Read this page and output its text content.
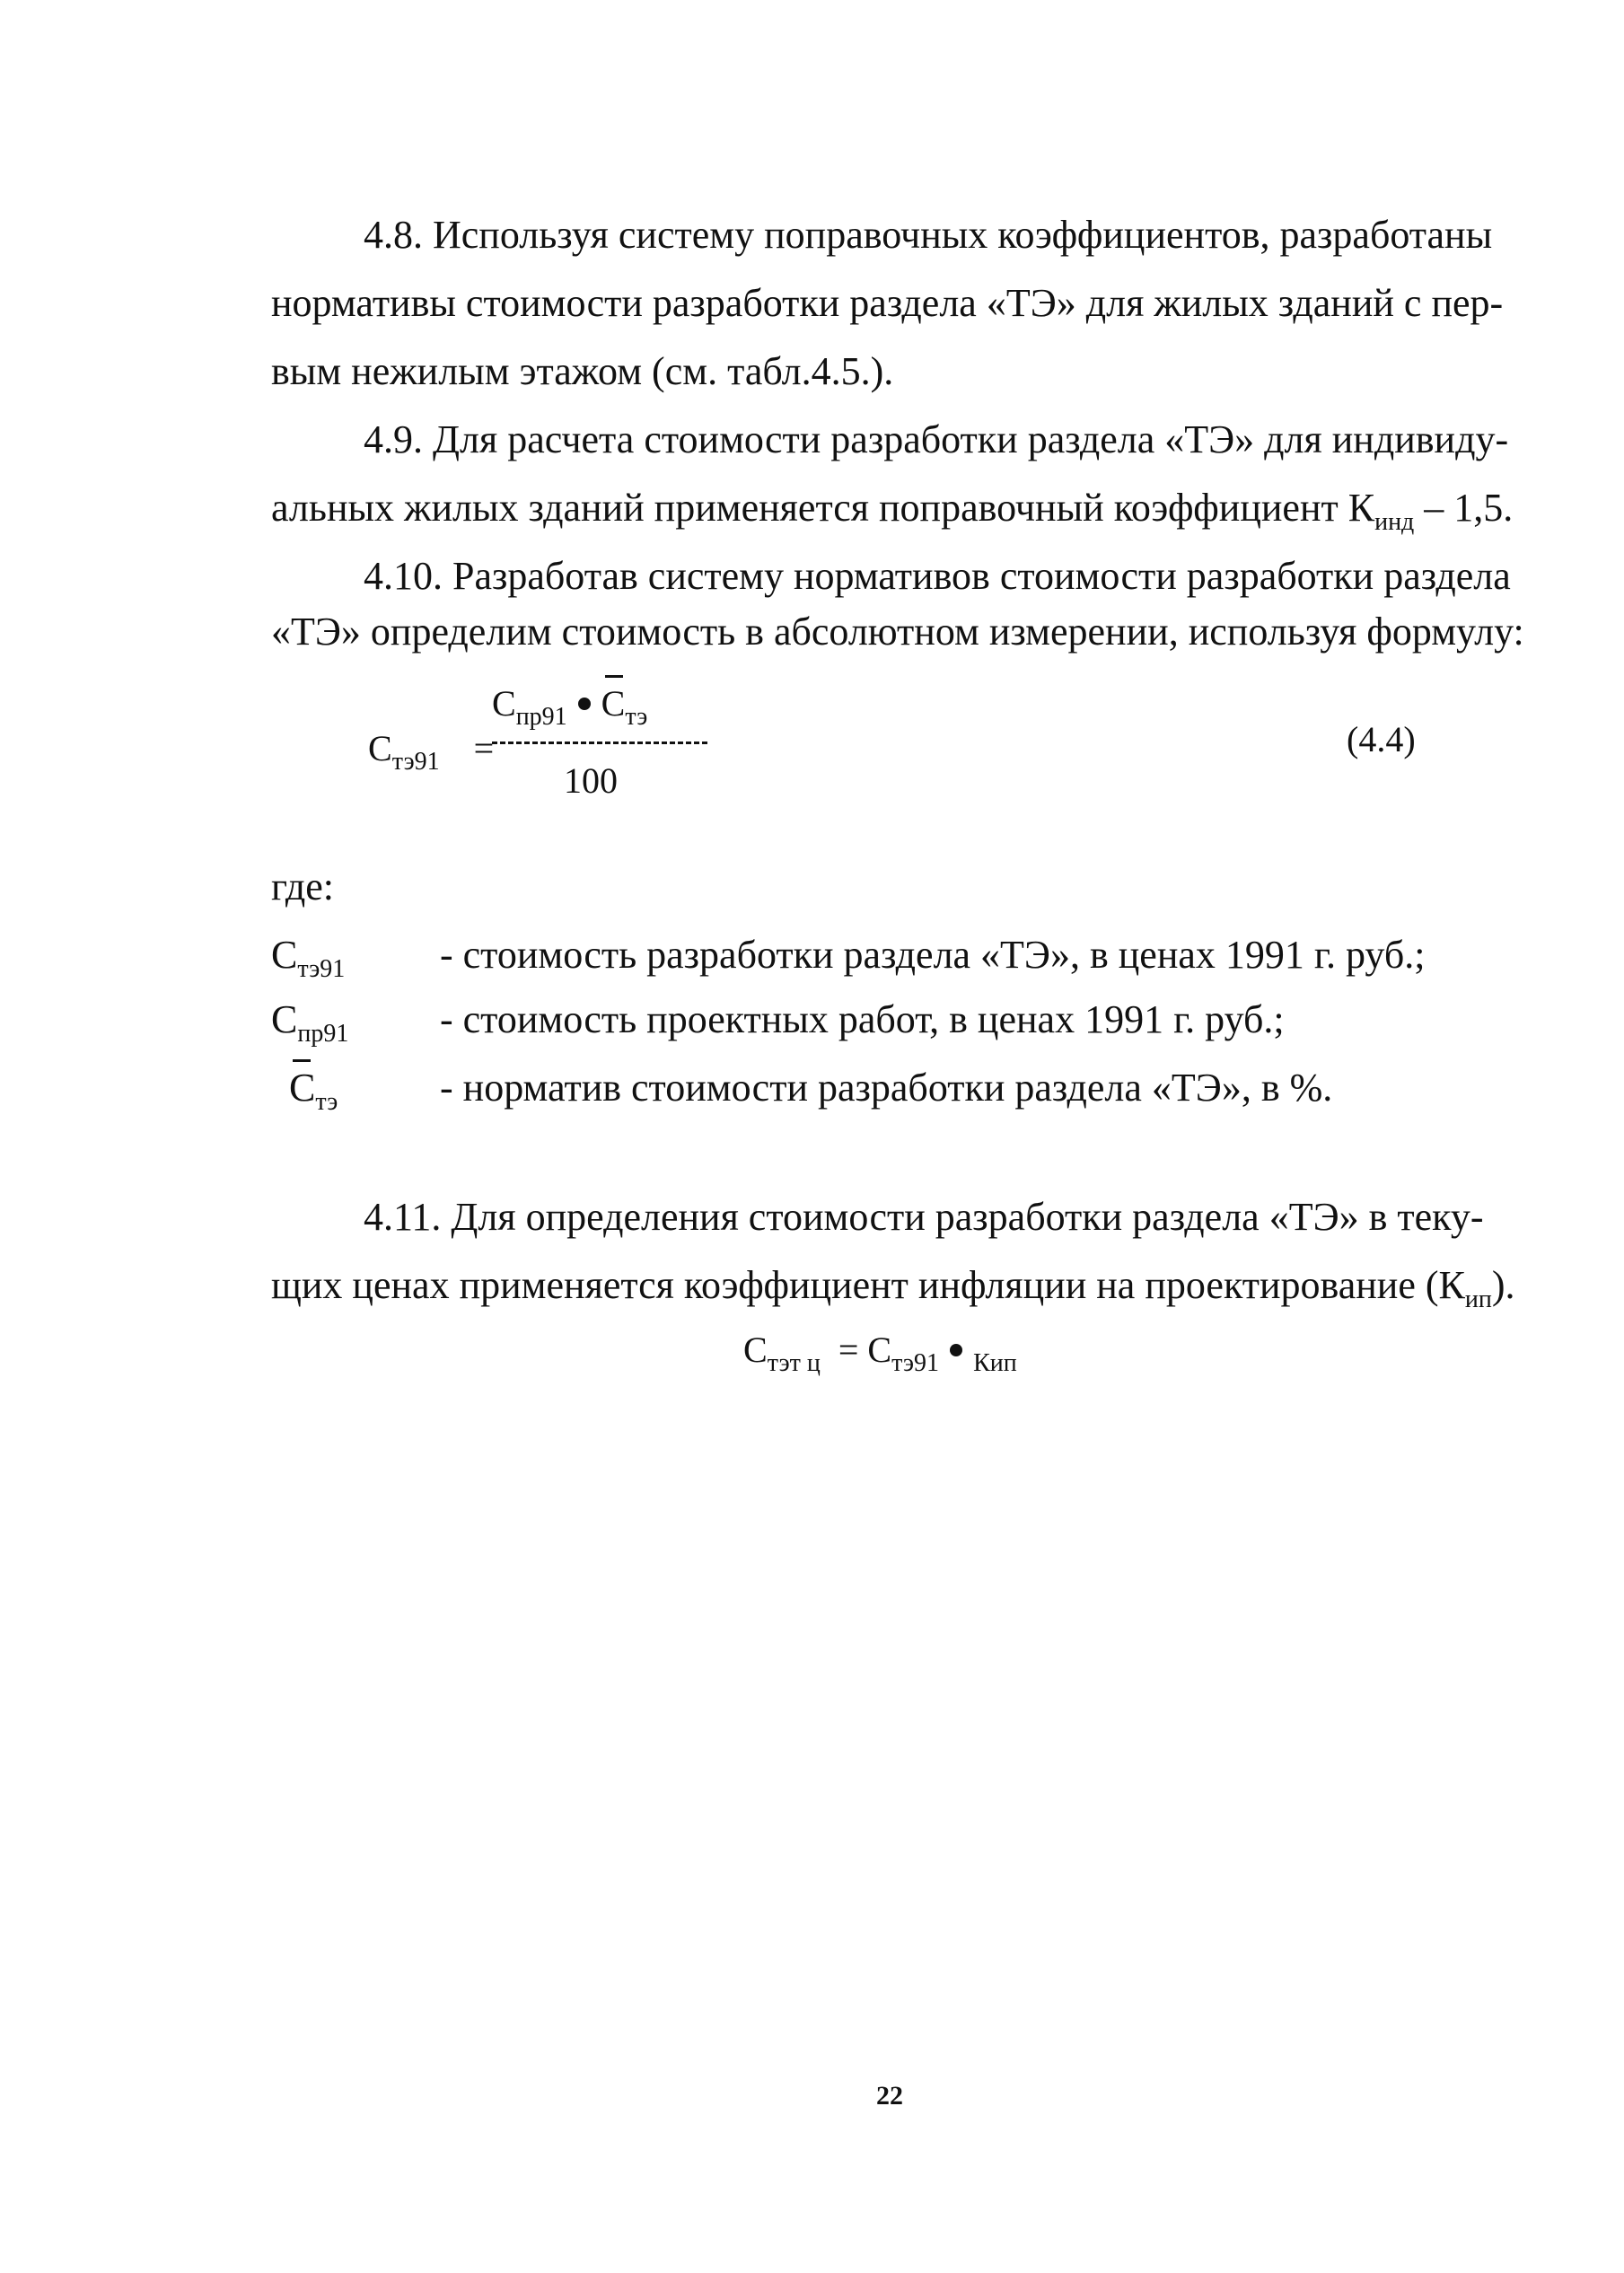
4.8. Используя систему поправочных коэффициентов, разработаны
нормативы стоимости разработки раздела «ТЭ» для жилых зданий с пер-
вым нежилым этажом (см. табл.4.5.).
4.9. Для расчета стоимости разработки раздела «ТЭ» для индивиду-
альных жилых зданий применяется поправочный коэффициент $К_{инд} - 1,5$.
4.10. Разработав систему нормативов стоимости разработки раздела
«ТЭ» определим стоимость в абсолютном измерении, используя формулу:
$С_{пр91}$ $С_{тэ}$
$С_{тэ91}$ =
100
(4.4)
где:
$С_{тэ91}$ - стоимость разработки раздела «ТЭ», в ценах 1991 г. руб.;
$С_{пр91}$ - стоимость проектных работ, в ценах 1991 г. руб.;
$С_{тэ}$	- норматив стоимости разработки раздела «ТЭ», в %.
4.11. Для определения стоимости разработки раздела «ТЭ» в теку-
щих ценах применяется коэффициент инфляции на проектирование $(К_{ип})$.
$С_{тэт ц} = С_{тэ91}$ $_{Кип}$
22
